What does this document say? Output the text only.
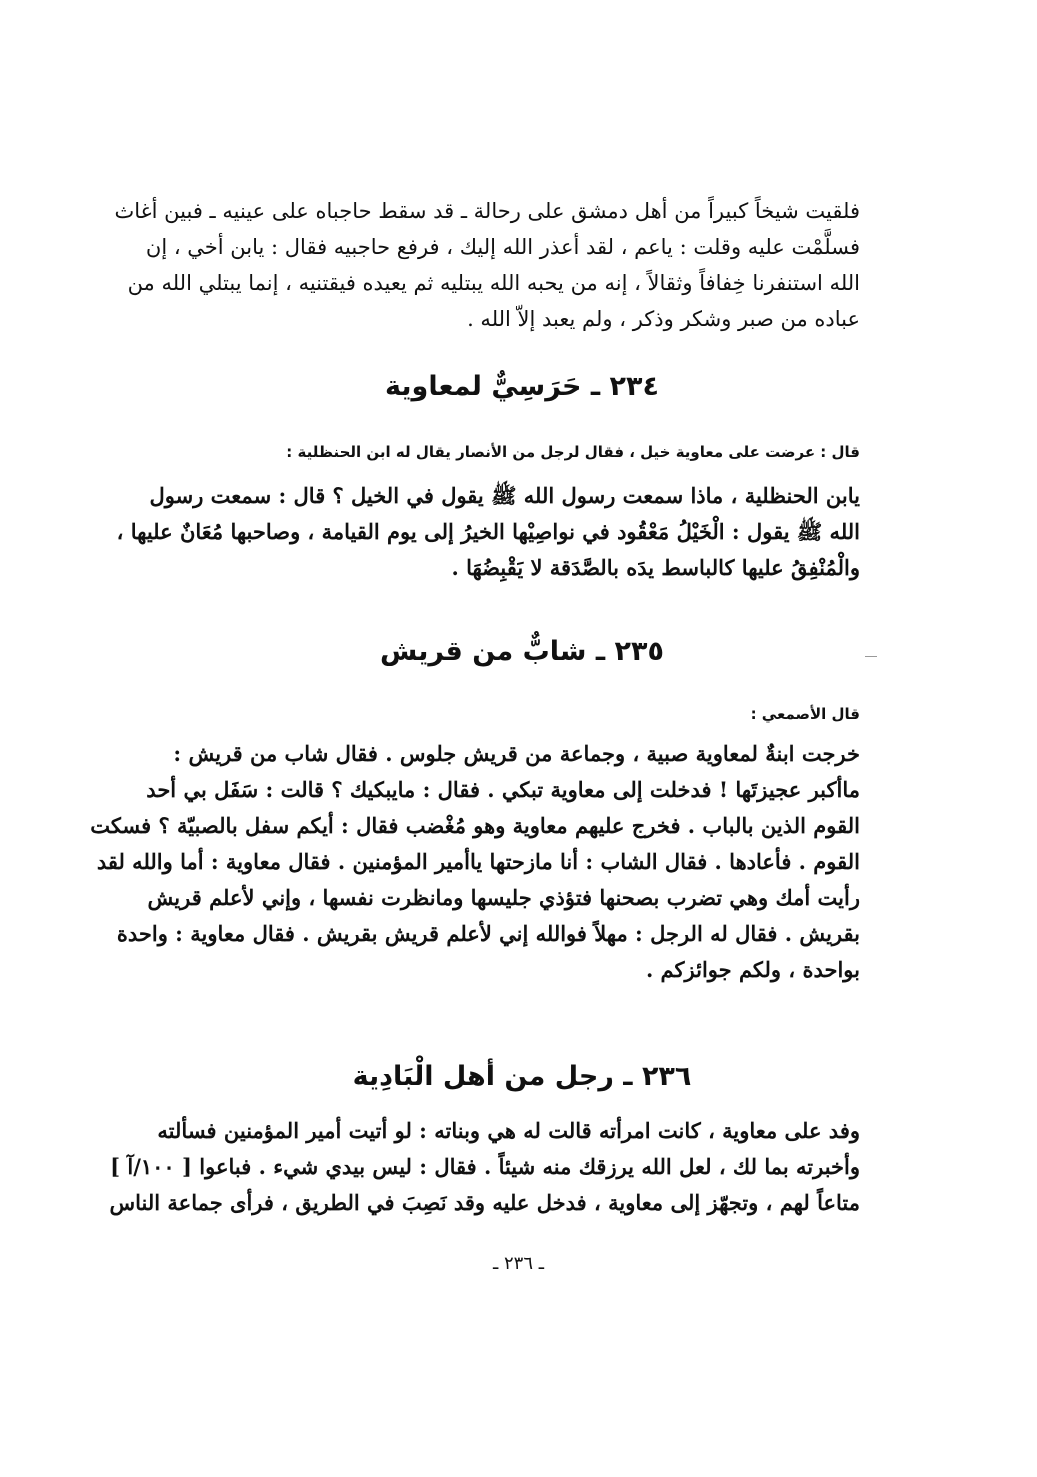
فلقيت شيخاً كبيراً من أهل دمشق على رحالة ـ قد سقط حاجباه على عينيه ـ فبين أغاث
فسلَّمْت عليه وقلت : ياعم ، لقد أعذر الله إليك ، فرفع حاجبيه فقال : يابن أخي ، إن
الله استنفرنا خِفافاً وثقالاً ، إنه من يحبه الله يبتليه ثم يعيده فيقتنيه ، إنما يبتلي الله من
عباده من صبر وشكر وذكر ، ولم يعبد إلاّ الله .
٢٣٤ ـ حَرَسِيٌّ لمعاوية
قال : عرضت على معاوية خيل ، فقال لرجل من الأنصار يقال له ابن الحنظلية :
يابن الحنظلية ، ماذا سمعت رسول الله ﷺ يقول في الخيل ؟ قال : سمعت رسول
الله ﷺ يقول : الْخَيْلُ مَعْقُود في نواصِيْها الخيرُ إلى يوم القيامة ، وصاحبها مُعَانٌ عليها ،
والْمُنْفِقُ عليها كالباسط يدَه بالصَّدَقة لا يَقْبِضُهَا .
٢٣٥ ـ شابٌّ من قريش
قال الأصمعي :
خرجت ابنةٌ لمعاوية صبية ، وجماعة من قريش جلوس . فقال شاب من قريش :
ماأكبر عجيزتَها ! فدخلت إلى معاوية تبكي . فقال : مايبكيك ؟ قالت : سَفَل بي أحد
القوم الذين بالباب . فخرج عليهم معاوية وهو مُغْضب فقال : أيكم سفل بالصبيّة ؟ فسكت
القوم . فأعادها . فقال الشاب : أنا مازحتها ياأمير المؤمنين . فقال معاوية : أما والله لقد
رأيت أمك وهي تضرب بصحنها فتؤذي جليسها ومانظرت نفسها ، وإني لأعلم قريش
بقريش . فقال له الرجل : مهلاً فوالله إني لأعلم قريش بقريش . فقال معاوية : واحدة
بواحدة ، ولكم جوائزكم .
٢٣٦ ـ رجل من أهل الْبَادِية
وفد على معاوية ، كانت امرأته قالت له هي وبناته : لو أتيت أمير المؤمنين فسألته
وأخبرته بما لك ، لعل الله يرزقك منه شيئاً . فقال : ليس بيدي شيء . فباعوا [ ١٠٠/آ ]
متاعاً لهم ، وتجهّز إلى معاوية ، فدخل عليه وقد نَصِبَ في الطريق ، فرأى جماعة الناس
ـ ٢٣٦ ـ
